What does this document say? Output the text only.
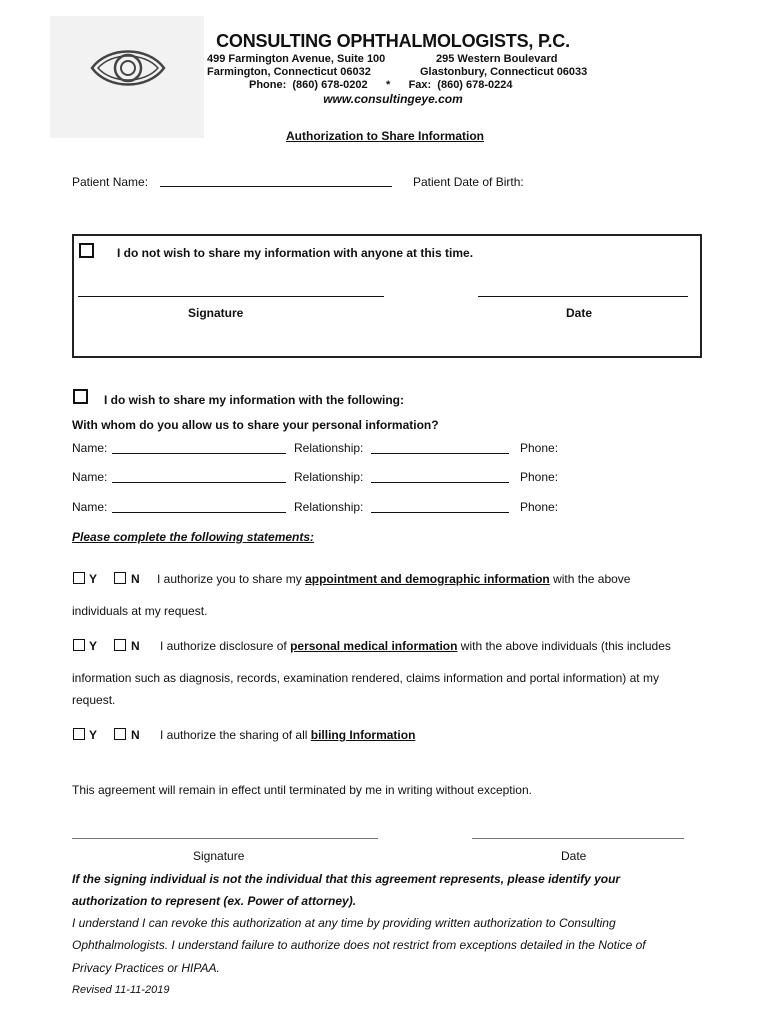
CONSULTING OPHTHALMOLOGISTS, P.C.
499 Farmington Avenue, Suite 100
Farmington, Connecticut 06032
295 Western Boulevard
Glastonbury, Connecticut 06033
Phone:  (860) 678-0202      *      Fax:  (860) 678-0224
www.consultingeye.com
Authorization to Share Information
Patient Name:	Patient Date of Birth:
I do not wish to share my information with anyone at this time.
Signature	Date
I do wish to share my information with the following:
With whom do you allow us to share your personal information?
Name:	Relationship:	Phone:
Name:	Relationship:	Phone:
Name:	Relationship:	Phone:
Please complete the following statements:
Y	N I authorize you to share my appointment and demographic information with the above
individuals at my request.
Y	N I authorize disclosure of personal medical information with the above individuals (this includes
information such as diagnosis, records, examination rendered, claims information and portal information) at my
request.
Y	N I authorize the sharing of all billing Information
This agreement will remain in effect until terminated by me in writing without exception.
Signature	Date
If the signing individual is not the individual that this agreement represents, please identify your
authorization to represent (ex. Power of attorney).
I understand I can revoke this authorization at any time by providing written authorization to Consulting
Ophthalmologists. I understand failure to authorize does not restrict from exceptions detailed in the Notice of
Privacy Practices or HIPAA.
Revised 11-11-2019
